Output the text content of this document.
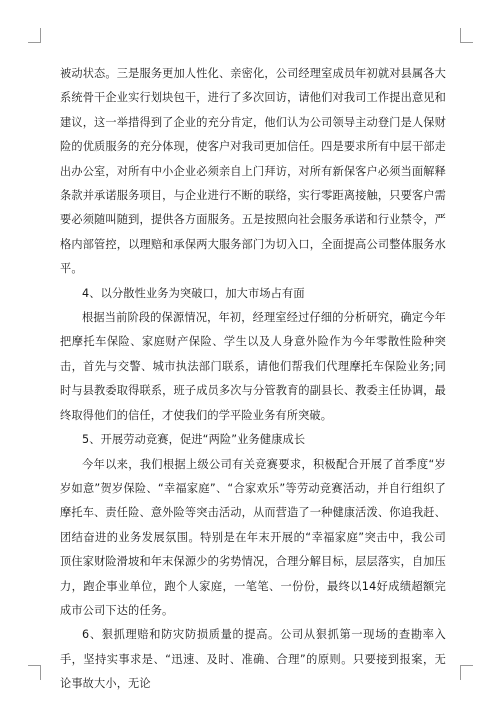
被动状态。三是服务更加人性化、亲密化，公司经理室成员年初就对县属各大系统骨干企业实行划块包干，进行了多次回访，请他们对我司工作提出意见和建议，这一举措得到了企业的充分肯定，他们认为公司领导主动登门是人保财险的优质服务的充分体现，使客户对我司更加信任。四是要求所有中层干部走出办公室，对所有中小企业必须亲自上门拜访，对所有新保客户必须当面解释条款并承诺服务项目，与企业进行不断的联络，实行零距离接触，只要客户需要必须随叫随到，提供各方面服务。五是按照向社会服务承诺和行业禁令，严格内部管控，以理赔和承保两大服务部门为切入口，全面提高公司整体服务水平。

4、以分散性业务为突破口，加大市场占有面

根据当前阶段的保源情况，年初，经理室经过仔细的分析研究，确定今年把摩托车保险、家庭财产保险、学生以及人身意外险作为今年零散性险种突击，首先与交警、城市执法部门联系，请他们帮我们代理摩托车保险业务;同时与县教委取得联系，班子成员多次与分管教育的副县长、教委主任协调，最终取得他们的信任，才使我们的学平险业务有所突破。

5、开展劳动竞赛，促进“两险”业务健康成长

今年以来，我们根据上级公司有关竞赛要求，积极配合开展了首季度“岁岁如意”贺岁保险、“幸福家庭”、“合家欢乐”等劳动竞赛活动，并自行组织了摩托车、责任险、意外险等突击活动，从而营造了一种健康活泼、你追我赶、团结奋进的业务发展氛围。特别是在年末开展的“幸福家庭”突击中，我公司顶住家财险滑坡和年末保源少的劣势情况，合理分解目标，层层落实，自加压力，跑企事业单位，跑个人家庭，一笔笔、一份份，最终以14好成绩超额完成市公司下达的任务。

6、狠抓理赔和防灾防损质量的提高。公司从狠抓第一现场的查勘率入手，坚持实事求是、“迅速、及时、准确、合理”的原则。只要接到报案，无论事故大小，无论
